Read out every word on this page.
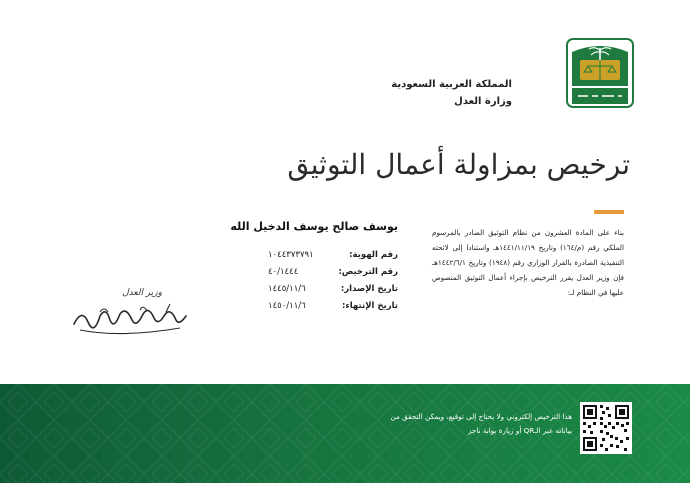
المملكة العربية السعودية
وزارة العدل
ترخيص بمزاولة أعمال التوثيق
بناء على المادة العشرون من نظام التوثيق الصادر بالمرسوم الملكي رقم (م/١٦٤) وتاريخ ١٤٤١/١١/١٩هـ واستنادا إلى لائحته التنفيذية الصادرة بالقرار الوزاري رقم (١٩٤٨) وتاريخ ١٤٤٢/٦/١هـ فإن وزير العدل يقرر الترخيص بإجراء أعمال التوثيق المنصوص عليها في النظام لـ:
يوسف صالح يوسف الدخيل الله
رقم الهوية:
١٠٤٤٣٧٣٧٩١
رقم الترخيص:
٤٠/١٤٤٤
تاريخ الإصدار:
١٤٤٥/١١/٦
تاريخ الإنتهاء:
١٤٥٠/١١/٦
وزير العدل
هذا الترخيص إلكتروني ولا يحتاج إلى توقيع، ويمكن التحقق من
بياناته عبر الـQR أو زيارة بوابة ناجز
